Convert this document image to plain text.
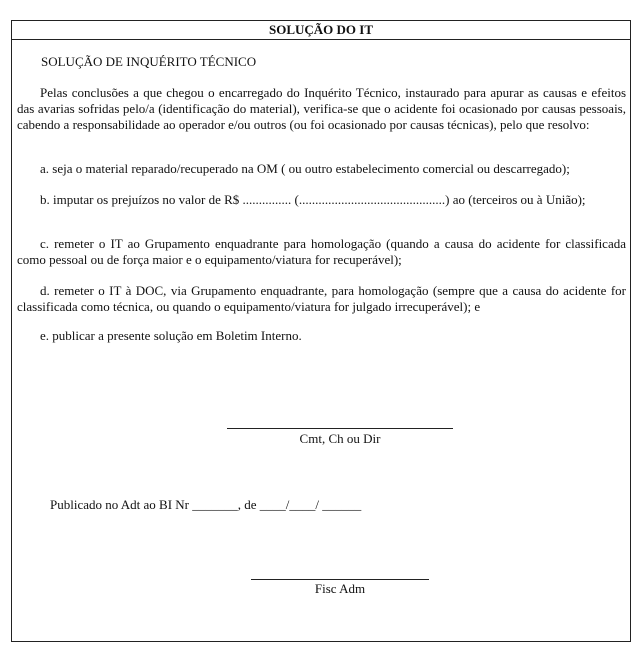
SOLUÇÃO DO IT
SOLUÇÃO DE INQUÉRITO TÉCNICO
Pelas conclusões a que chegou o encarregado do Inquérito Técnico, instaurado para apurar as causas e efeitos das avarias sofridas pelo/a (identificação do material), verifica-se que o acidente foi ocasionado por causas pessoais, cabendo a responsabilidade ao operador e/ou outros (ou foi ocasionado por causas técnicas), pelo que resolvo:
a. seja o material reparado/recuperado na OM ( ou outro estabelecimento comercial ou descarregado);
b. imputar os prejuízos no valor de R$ ............... (.............................................) ao (terceiros ou à União);
c. remeter o IT ao Grupamento enquadrante para homologação (quando a causa do acidente for classificada como pessoal ou de força maior e o equipamento/viatura for recuperável);
d. remeter o IT à DOC, via Grupamento enquadrante, para homologação (sempre que a causa do acidente for classificada como técnica, ou quando o equipamento/viatura for julgado irrecuperável); e
e. publicar a presente solução em Boletim Interno.
Cmt, Ch ou Dir
Publicado no Adt ao BI Nr _______, de ____/____/ ______
Fisc Adm
